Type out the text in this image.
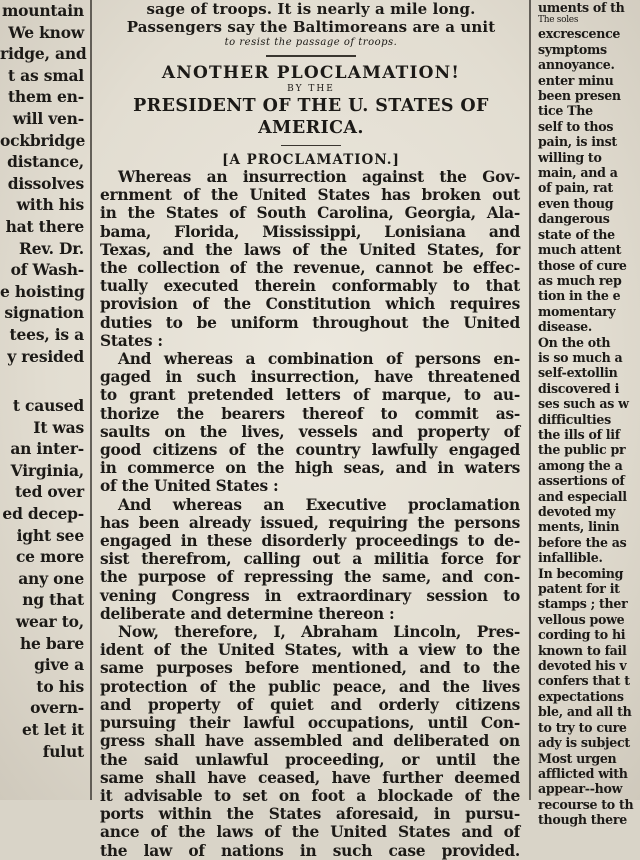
mountain
We know
ridge, and
t as smal
them en-
will ven-
ockbridge
distance,
dissolves
with his
hat there
Rev. Dr.
of Wash-
e hoisting
signation
tees, is a
y resided
t caused
It was
an inter-
Virginia,
ted over
ed decep-
ight see
ce more
any one
ng that
wear to,
he bare
give a
to his
overn-
et let it
fulut
sage of troops. It is nearly a mile long.
Passengers say the Baltimoreans are a unit
to resist the passage of troops.
ANOTHER PLOCLAMATION!
BY THE
PRESIDENT OF THE U. STATES OF AMERICA.
[A PROCLAMATION.]
Whereas an insurrection against the Gov-
ernment of the United States has broken out
in the States of South Carolina, Georgia, Ala-
bama, Florida, Mississippi, Lonisiana and
Texas, and the laws of the United States, for
the collection of the revenue, cannot be effec-
tually executed therein conformably to that
provision of the Constitution which requires
duties to be uniform throughout the United
States :
And whereas a combination of persons en-
gaged in such insurrection, have threatened
to grant pretended letters of marque, to au-
thorize the bearers thereof to commit as-
saults on the lives, vessels and property of
good citizens of the country lawfully engaged
in commerce on the high seas, and in waters
of the United States :
And whereas an Executive proclamation
has been already issued, requiring the persons
engaged in these disorderly proceedings to de-
sist therefrom, calling out a militia force for
the purpose of repressing the same, and con-
vening Congress in extraordinary session to
deliberate and determine thereon :
Now, therefore, I, Abraham Lincoln, Pres-
ident of the United States, with a view to the
same purposes before mentioned, and to the
protection of the public peace, and the lives
and property of quiet and orderly citizens
pursuing their lawful occupations, until Con-
gress shall have assembled and deliberated on
the said unlawful proceeding, or until the
same shall have ceased, have further deemed
it advisable to set on foot a blockade of the
ports within the States aforesaid, in pursu-
ance of the laws of the United States and of
the law of nations in such case provided.
uments of th
The soles
excrescence
symptoms
annoyance.
enter minu
been presen
tice The
self to thos
pain, is inst
willing to
main, and a
of pain, rat
even thoug
dangerous
state of the
much attent
those of cure
as much rep
tion in the e
momentary
disease.
On the oth
is so much a
self-extollin
discovered i
ses such as w
difficulties
the ills of lif
the public pr
among the a
assertions of
and especiall
devoted my
ments, linin
before the as
infallible.
In becoming
patent for it
stamps ; ther
vellous powe
cording to hi
known to fail
devoted his v
confers that t
expectations
ble, and all th
to try to cure
ady is subject
Most urgen
afflicted with
appear--how
recourse to th
though there
